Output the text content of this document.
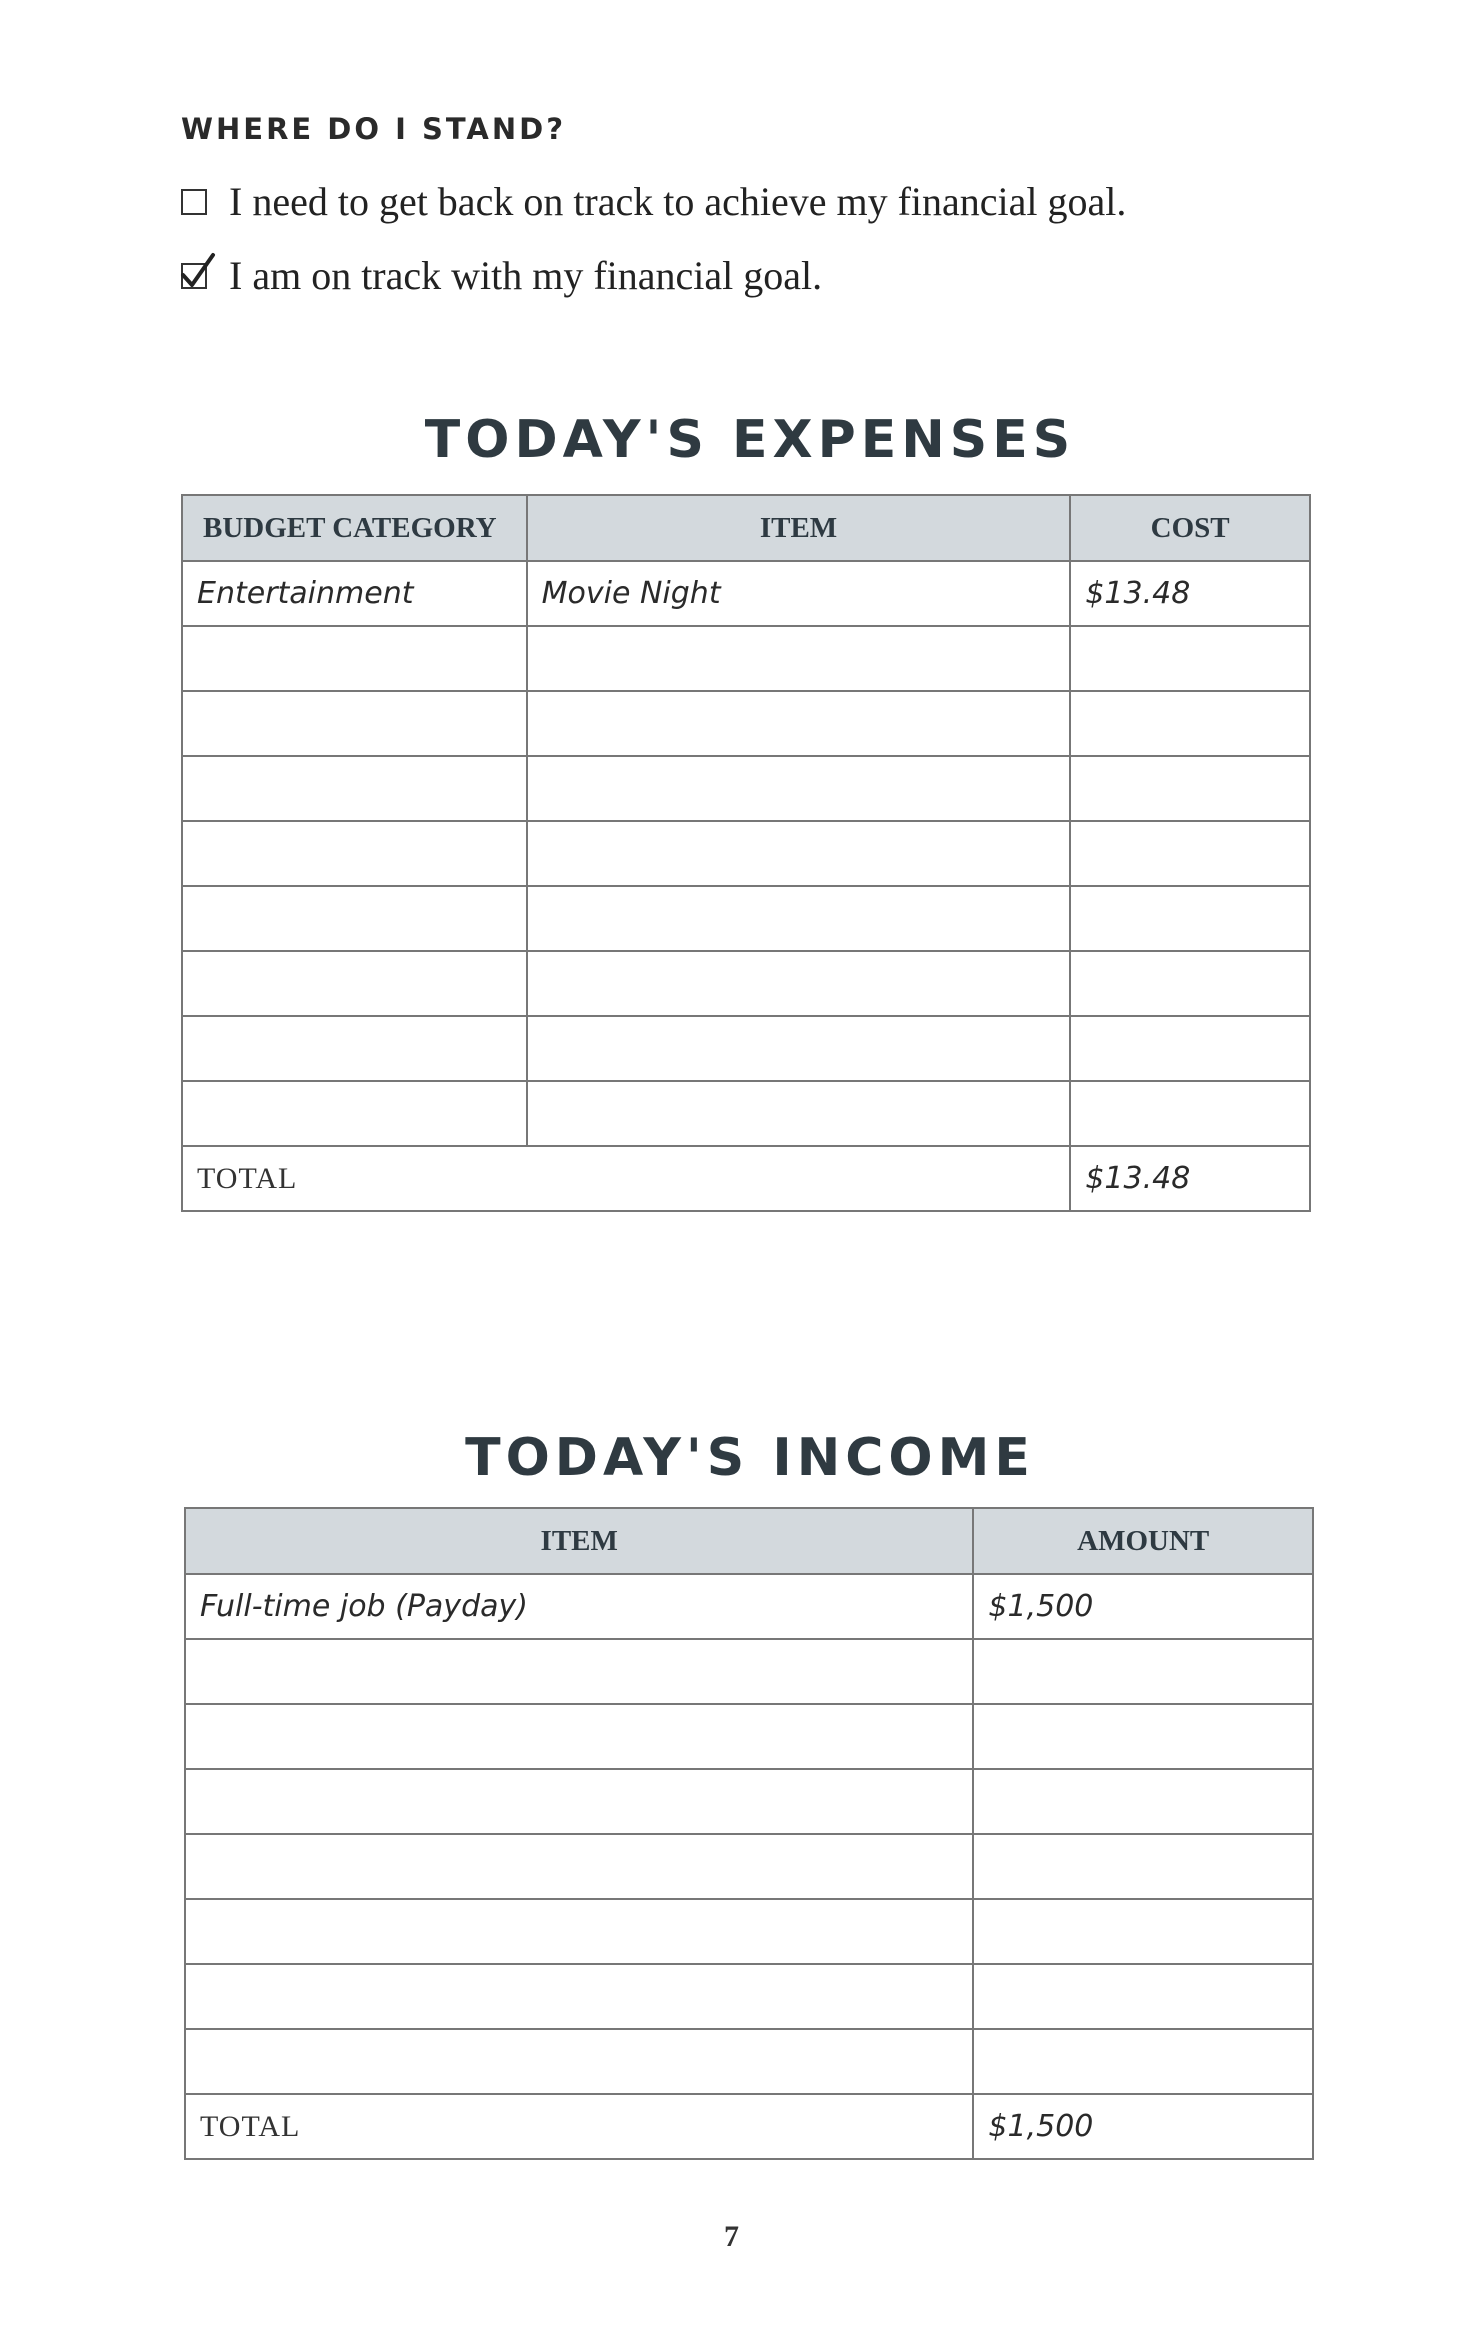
WHERE DO I STAND?
I need to get back on track to achieve my financial goal.
I am on track with my financial goal.
TODAY'S EXPENSES
BUDGET CATEGORY	ITEM	COST
Entertainment	Movie Night	$13.48

TOTAL		$13.48
TODAY'S INCOME
ITEM	AMOUNT
Full-time job (Payday)	$1,500

TOTAL	$1,500
7
